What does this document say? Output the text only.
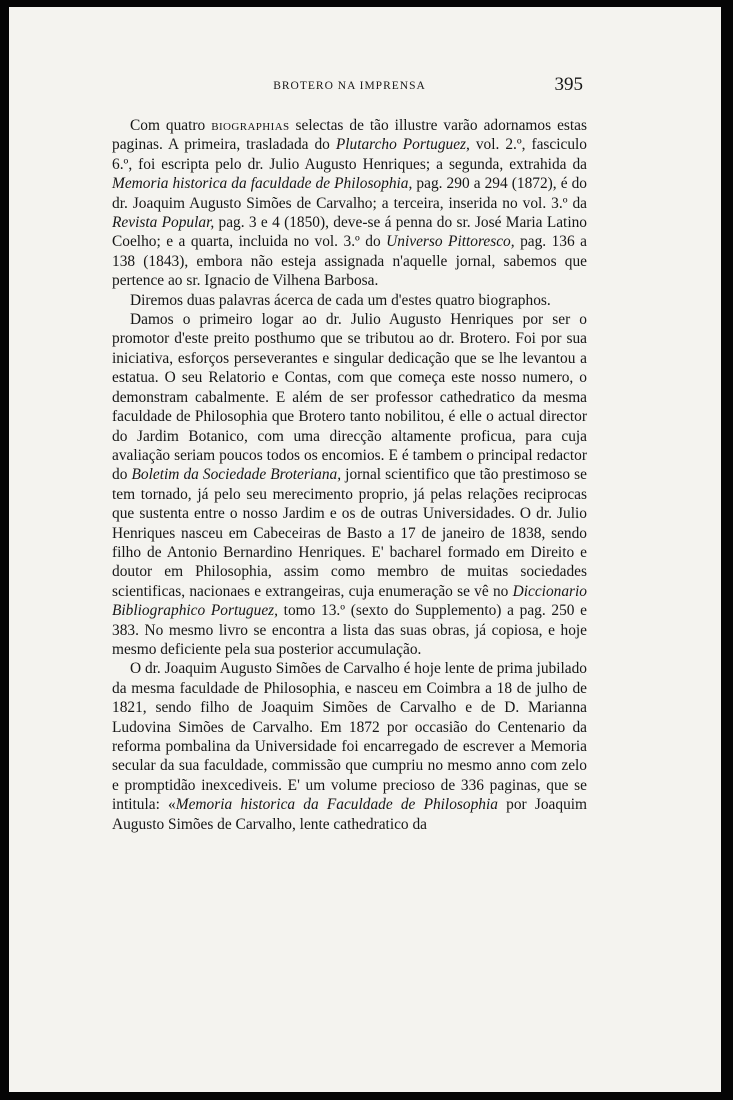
BROTERO NA IMPRENSA	395

Com quatro biographias selectas de tão illustre varão adornamos estas paginas. A primeira, trasladada do Plutarcho Portuguez, vol. 2.º, fasciculo 6.º, foi escripta pelo dr. Julio Augusto Henriques; a segunda, extrahida da Memoria historica da faculdade de Philosophia, pag. 290 a 294 (1872), é do dr. Joaquim Augusto Simões de Carvalho; a terceira, inserida no vol. 3.º da Revista Popular, pag. 3 e 4 (1850), deve-se á penna do sr. José Maria Latino Coelho; e a quarta, incluida no vol. 3.º do Universo Pittoresco, pag. 136 a 138 (1843), embora não esteja assignada n'aquelle jornal, sabemos que pertence ao sr. Ignacio de Vilhena Barbosa.

Diremos duas palavras ácerca de cada um d'estes quatro biographos.

Damos o primeiro logar ao dr. Julio Augusto Henriques por ser o promotor d'este preito posthumo que se tributou ao dr. Brotero. Foi por sua iniciativa, esforços perseverantes e singular dedicação que se lhe levantou a estatua. O seu Relatorio e Contas, com que começa este nosso numero, o demonstram cabalmente. E além de ser professor cathedratico da mesma faculdade de Philosophia que Brotero tanto nobilitou, é elle o actual director do Jardim Botanico, com uma direcção altamente proficua, para cuja avaliação seriam poucos todos os encomios. E é tambem o principal redactor do Boletim da Sociedade Broteriana, jornal scientifico que tão prestimoso se tem tornado, já pelo seu merecimento proprio, já pelas relações reciprocas que sustenta entre o nosso Jardim e os de outras Universidades. O dr. Julio Henriques nasceu em Cabeceiras de Basto a 17 de janeiro de 1838, sendo filho de Antonio Bernardino Henriques. E' bacharel formado em Direito e doutor em Philosophia, assim como membro de muitas sociedades scientificas, nacionaes e extrangeiras, cuja enumeração se vê no Diccionario Bibliographico Portuguez, tomo 13.º (sexto do Supplemento) a pag. 250 e 383. No mesmo livro se encontra a lista das suas obras, já copiosa, e hoje mesmo deficiente pela sua posterior accumulação.

O dr. Joaquim Augusto Simões de Carvalho é hoje lente de prima jubilado da mesma faculdade de Philosophia, e nasceu em Coimbra a 18 de julho de 1821, sendo filho de Joaquim Simões de Carvalho e de D. Marianna Ludovina Simões de Carvalho. Em 1872 por occasião do Centenario da reforma pombalina da Universidade foi encarregado de escrever a Memoria secular da sua faculdade, commissão que cumpriu no mesmo anno com zelo e promptidão inexcediveis. E' um volume precioso de 336 paginas, que se intitula: «Memoria historica da Faculdade de Philosophia por Joaquim Augusto Simões de Carvalho, lente cathedratico da
